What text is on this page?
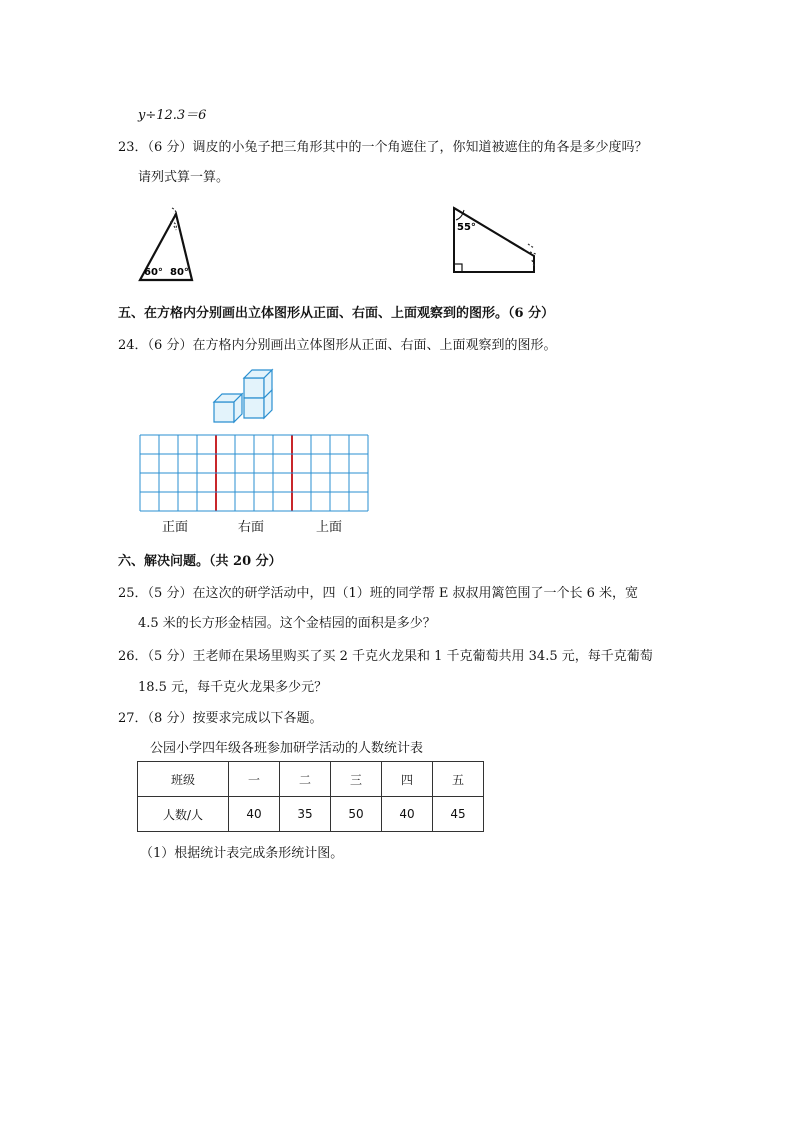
y÷12.3＝6
23．（6 分）调皮的小兔子把三角形其中的一个角遮住了，你知道被遮住的角各是多少度吗？
请列式算一算。
60° 80°
55°
五、在方格内分别画出立体图形从正面、右面、上面观察到的图形。（6 分）
24．（6 分）在方格内分别画出立体图形从正面、右面、上面观察到的图形。
正面	右面	上面
六、解决问题。（共 20 分）
25．（5 分）在这次的研学活动中，四（1）班的同学帮 E 叔叔用篱笆围了一个长 6 米，宽
4.5 米的长方形金桔园。这个金桔园的面积是多少？
26．（5 分）王老师在果场里购买了买 2 千克火龙果和 1 千克葡萄共用 34.5 元，每千克葡萄
18.5 元，每千克火龙果多少元？
27．（8 分）按要求完成以下各题。
公园小学四年级各班参加研学活动的人数统计表
班级	一	二	三	四	五
人数/人	40	35	50	40	45
（1）根据统计表完成条形统计图。
